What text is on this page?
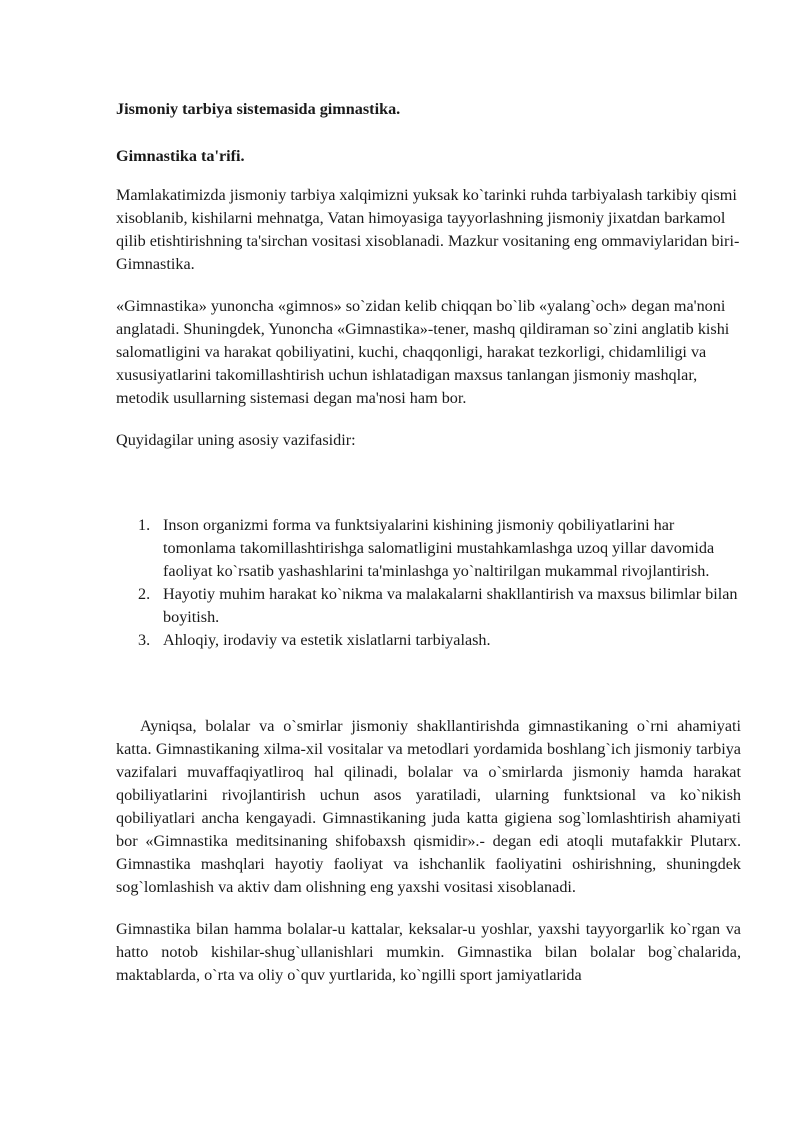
Jismoniy tarbiya sistemasida gimnastika.

Gimnastika ta'rifi.

Mamlakatimizda jismoniy tarbiya xalqimizni yuksak ko`tarinki ruhda tarbiyalash tarkibiy qismi xisoblanib, kishilarni mehnatga, Vatan himoyasiga tayyorlashning jismoniy jixatdan barkamol qilib etishtirishning ta'sirchan vositasi xisoblanadi. Mazkur vositaning eng ommaviylaridan biri-Gimnastika.

«Gimnastika» yunoncha «gimnos» so`zidan kelib chiqqan bo`lib «yalang`och» degan ma'noni anglatadi. Shuningdek, Yunoncha «Gimnastika»-tener, mashq qildiraman so`zini anglatib kishi salomatligini va harakat qobiliyatini, kuchi, chaqqonligi, harakat tezkorligi, chidamliligi va xususiyatlarini takomillashtirish uchun ishlatadigan maxsus tanlangan jismoniy mashqlar, metodik usullarning sistemasi degan ma'nosi ham bor.

Quyidagilar uning asosiy vazifasidir:

1. Inson organizmi forma va funktsiyalarini kishining jismoniy qobiliyatlarini har tomonlama takomillashtirishga salomatligini mustahkamlashga uzoq yillar davomida faoliyat ko`rsatib yashashlarini ta'minlashga yo`naltirilgan mukammal rivojlantirish.
2. Hayotiy muhim harakat ko`nikma va malakalarni shakllantirish va maxsus bilimlar bilan boyitish.
3. Ahloqiy, irodaviy va estetik xislatlarni tarbiyalash.

Ayniqsa, bolalar va o`smirlar jismoniy shakllantirishda gimnastikaning o`rni ahamiyati katta. Gimnastikaning xilma-xil vositalar va metodlari yordamida boshlang`ich jismoniy tarbiya vazifalari muvaffaqiyatliroq hal qilinadi, bolalar va o`smirlarda jismoniy hamda harakat qobiliyatlarini rivojlantirish uchun asos yaratiladi, ularning funktsional va ko`nikish qobiliyatlari ancha kengayadi. Gimnastikaning juda katta gigiena sog`lomlashtirish ahamiyati bor «Gimnastika meditsinaning shifobaxsh qismidir».- degan edi atoqli mutafakkir Plutarx. Gimnastika mashqlari hayotiy faoliyat va ishchanlik faoliyatini oshirishning, shuningdek sog`lomlashish va aktiv dam olishning eng yaxshi vositasi xisoblanadi.

Gimnastika bilan hamma bolalar-u kattalar, keksalar-u yoshlar, yaxshi tayyorgarlik ko`rgan va hatto notob kishilar-shug`ullanishlari mumkin. Gimnastika bilan bolalar bog`chalarida, maktablarda, o`rta va oliy o`quv yurtlarida, ko`ngilli sport jamiyatlarida
